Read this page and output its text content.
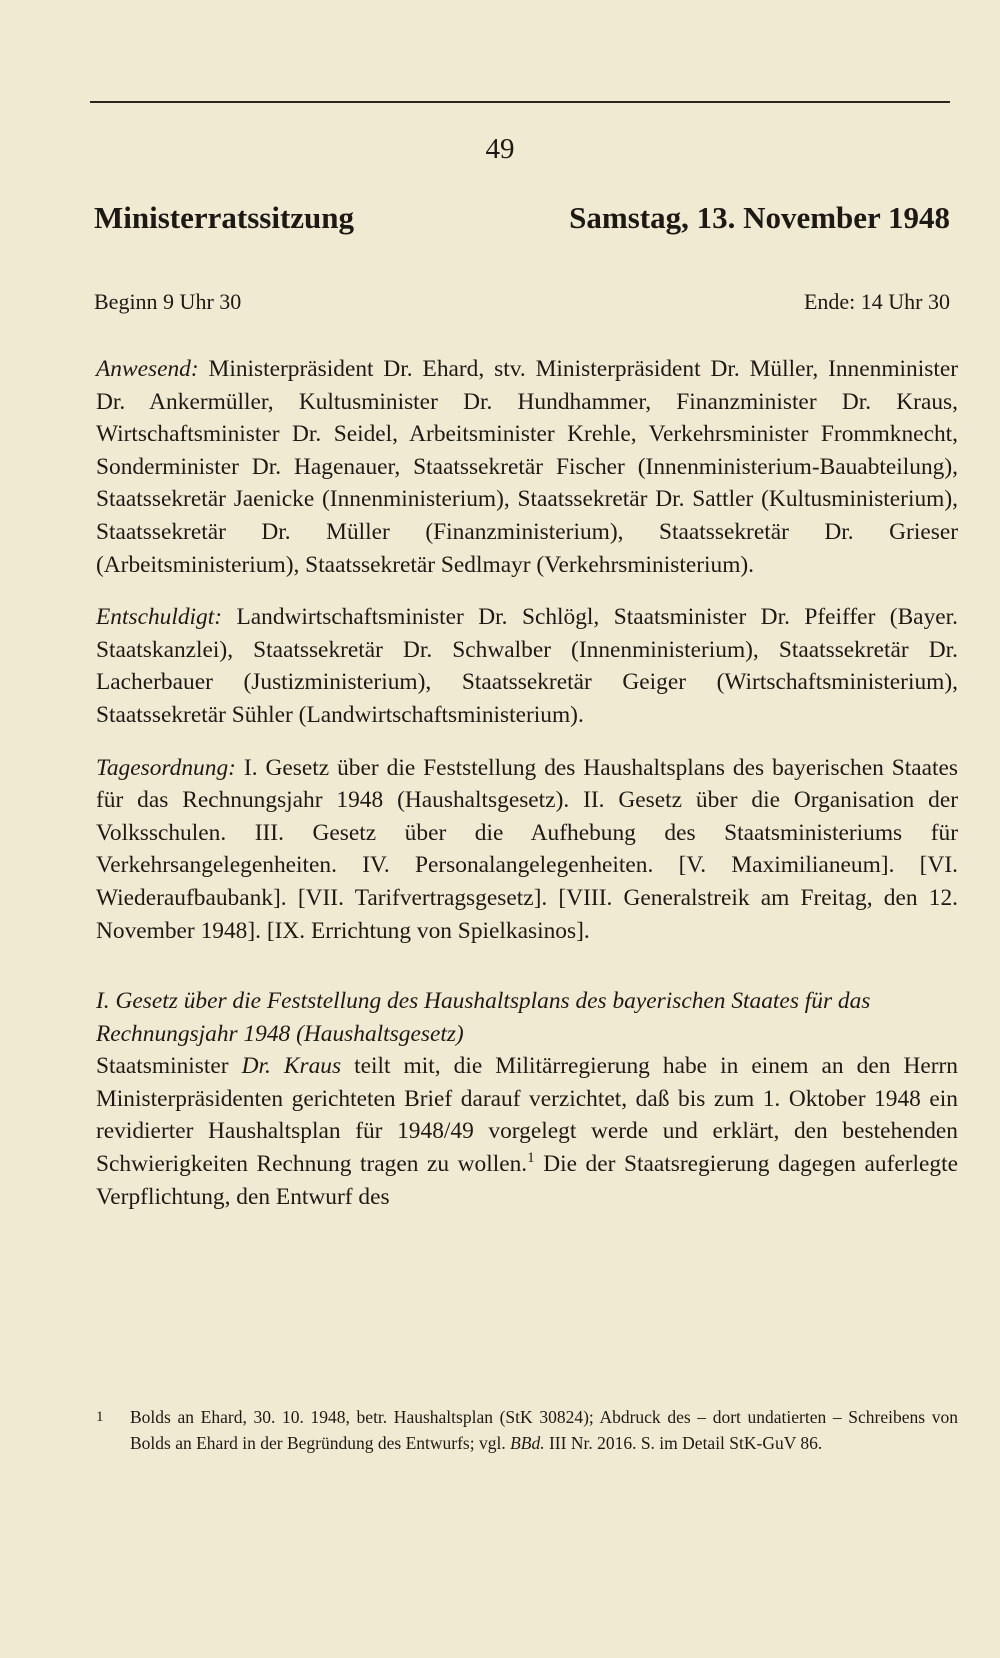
49
Ministerratssitzung	Samstag, 13. November 1948
Beginn 9 Uhr 30	Ende: 14 Uhr 30

Anwesend: Ministerpräsident Dr. Ehard, stv. Ministerpräsident Dr. Müller, Innenminister Dr. Ankermüller, Kultusminister Dr. Hundhammer, Finanzminister Dr. Kraus, Wirtschaftsminister Dr. Seidel, Arbeitsminister Krehle, Verkehrsminister Frommknecht, Sonderminister Dr. Hagenauer, Staatssekretär Fischer (Innenministerium-Bauabteilung), Staatssekretär Jaenicke (Innenministerium), Staatssekretär Dr. Sattler (Kultusministerium), Staatssekretär Dr. Müller (Finanzministerium), Staatssekretär Dr. Grieser (Arbeitsministerium), Staatssekretär Sedlmayr (Verkehrsministerium).

Entschuldigt: Landwirtschaftsminister Dr. Schlögl, Staatsminister Dr. Pfeiffer (Bayer. Staatskanzlei), Staatssekretär Dr. Schwalber (Innenministerium), Staatssekretär Dr. Lacherbauer (Justizministerium), Staatssekretär Geiger (Wirtschaftsministerium), Staatssekretär Sühler (Landwirtschaftsministerium).

Tagesordnung: I. Gesetz über die Feststellung des Haushaltsplans des bayerischen Staates für das Rechnungsjahr 1948 (Haushaltsgesetz). II. Gesetz über die Organisation der Volksschulen. III. Gesetz über die Aufhebung des Staatsministeriums für Verkehrsangelegenheiten. IV. Personalangelegenheiten. [V. Maximilianeum]. [VI. Wiederaufbaubank]. [VII. Tarifvertragsgesetz]. [VIII. Generalstreik am Freitag, den 12. November 1948]. [IX. Errichtung von Spielkasinos].

I. Gesetz über die Feststellung des Haushaltsplans des bayerischen Staates für das Rechnungsjahr 1948 (Haushaltsgesetz)

Staatsminister Dr. Kraus teilt mit, die Militärregierung habe in einem an den Herrn Ministerpräsidenten gerichteten Brief darauf verzichtet, daß bis zum 1. Oktober 1948 ein revidierter Haushaltsplan für 1948/49 vorgelegt werde und erklärt, den bestehenden Schwierigkeiten Rechnung tragen zu wollen.$^1$ Die der Staatsregierung dagegen auferlegte Verpflichtung, den Entwurf des

1	Bolds an Ehard, 30. 10. 1948, betr. Haushaltsplan (StK 30824); Abdruck des – dort undatierten – Schreibens von Bolds an Ehard in der Begründung des Entwurfs; vgl. BBd. III Nr. 2016. S. im Detail StK-GuV 86.
